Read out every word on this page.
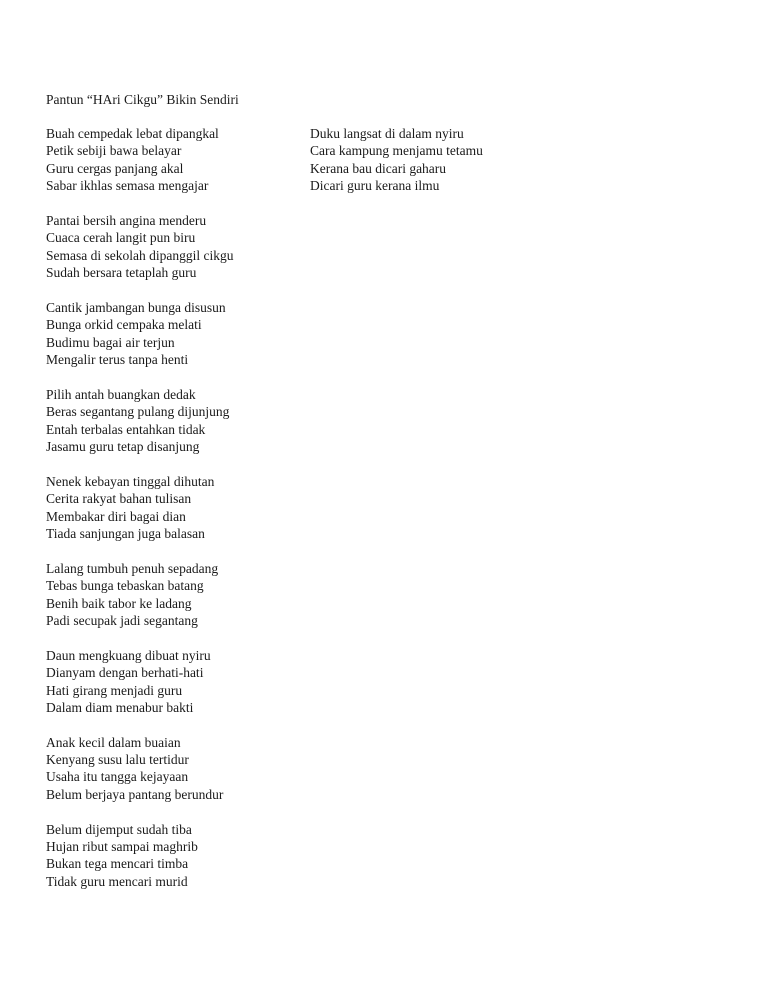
Pantun “HAri Cikgu” Bikin Sendiri
Buah cempedak lebat dipangkal
Petik sebiji bawa belayar
Guru cergas panjang akal
Sabar ikhlas semasa mengajar
Pantai bersih angina menderu
Cuaca cerah langit pun biru
Semasa di sekolah dipanggil cikgu
Sudah bersara tetaplah guru
Cantik jambangan bunga disusun
Bunga orkid cempaka melati
Budimu bagai air terjun
Mengalir terus tanpa henti
Pilih antah buangkan dedak
Beras segantang pulang dijunjung
Entah terbalas entahkan tidak
Jasamu guru tetap disanjung
Nenek kebayan tinggal dihutan
Cerita rakyat bahan tulisan
Membakar diri bagai dian
Tiada sanjungan juga balasan
Lalang tumbuh penuh sepadang
Tebas bunga tebaskan batang
Benih baik tabor ke ladang
Padi secupak jadi segantang
Daun mengkuang dibuat nyiru
Dianyam dengan berhati-hati
Hati girang menjadi guru
Dalam diam menabur bakti
Anak kecil dalam buaian
Kenyang susu lalu tertidur
Usaha itu tangga kejayaan
Belum berjaya pantang berundur
Belum dijemput sudah tiba
Hujan ribut sampai maghrib
Bukan tega mencari timba
Tidak guru mencari murid
Duku langsat di dalam nyiru
Cara kampung menjamu tetamu
Kerana bau dicari gaharu
Dicari guru kerana ilmu
